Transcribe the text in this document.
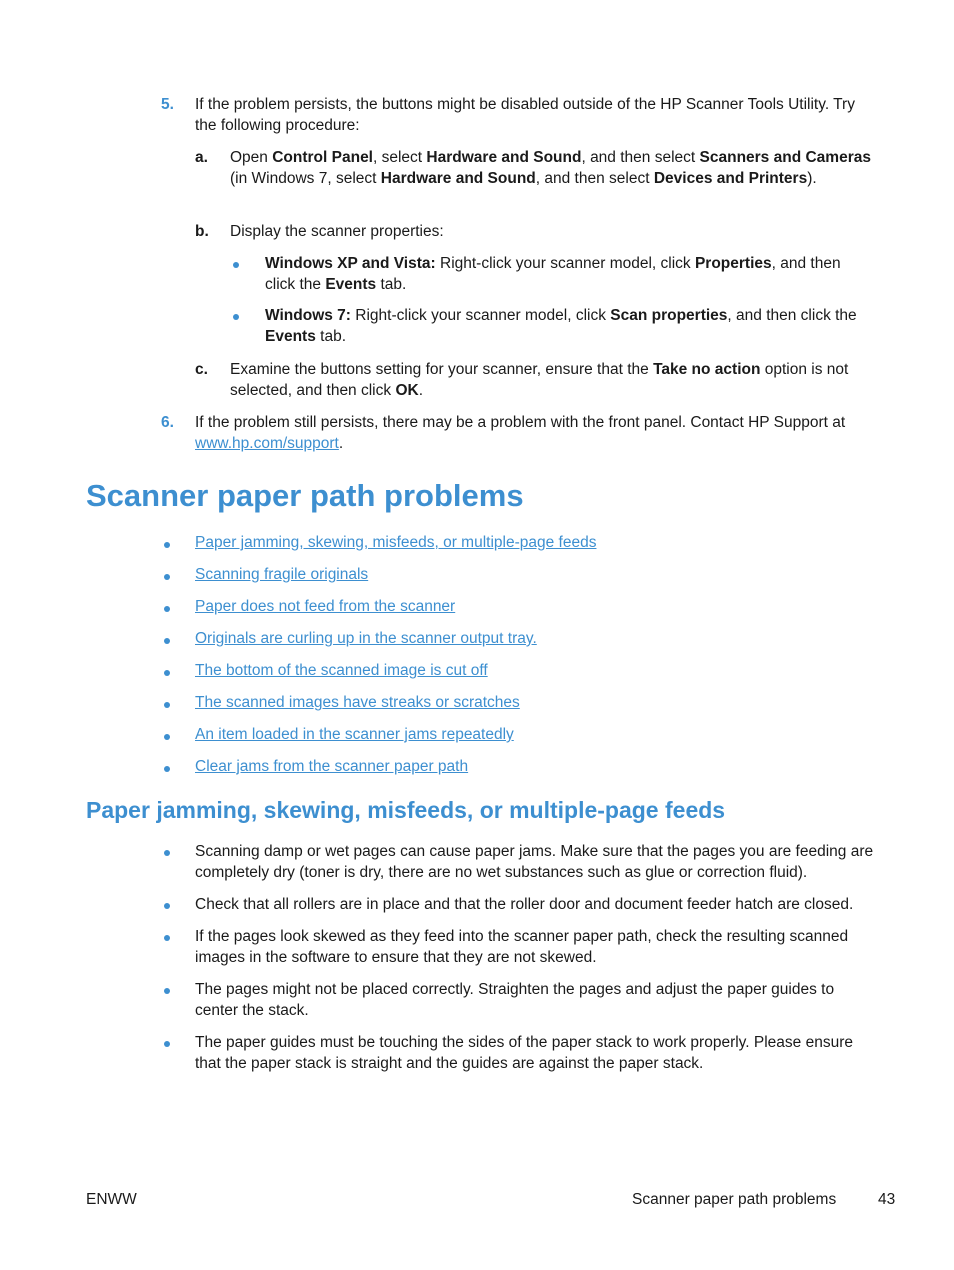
5. If the problem persists, the buttons might be disabled outside of the HP Scanner Tools Utility. Try the following procedure:

a. Open Control Panel, select Hardware and Sound, and then select Scanners and Cameras (in Windows 7, select Hardware and Sound, and then select Devices and Printers).

b. Display the scanner properties:

Windows XP and Vista: Right-click your scanner model, click Properties, and then click the Events tab.

Windows 7: Right-click your scanner model, click Scan properties, and then click the Events tab.

c. Examine the buttons setting for your scanner, ensure that the Take no action option is not selected, and then click OK.

6. If the problem still persists, there may be a problem with the front panel. Contact HP Support at www.hp.com/support.

Scanner paper path problems
Paper jamming, skewing, misfeeds, or multiple-page feeds
Scanning fragile originals
Paper does not feed from the scanner
Originals are curling up in the scanner output tray.
The bottom of the scanned image is cut off
The scanned images have streaks or scratches
An item loaded in the scanner jams repeatedly
Clear jams from the scanner paper path
Paper jamming, skewing, misfeeds, or multiple-page feeds

Scanning damp or wet pages can cause paper jams. Make sure that the pages you are feeding are completely dry (toner is dry, there are no wet substances such as glue or correction fluid).

Check that all rollers are in place and that the roller door and document feeder hatch are closed.

If the pages look skewed as they feed into the scanner paper path, check the resulting scanned images in the software to ensure that they are not skewed.

The pages might not be placed correctly. Straighten the pages and adjust the paper guides to center the stack.

The paper guides must be touching the sides of the paper stack to work properly. Please ensure that the paper stack is straight and the guides are against the paper stack.

ENWW	Scanner paper path problems	43
